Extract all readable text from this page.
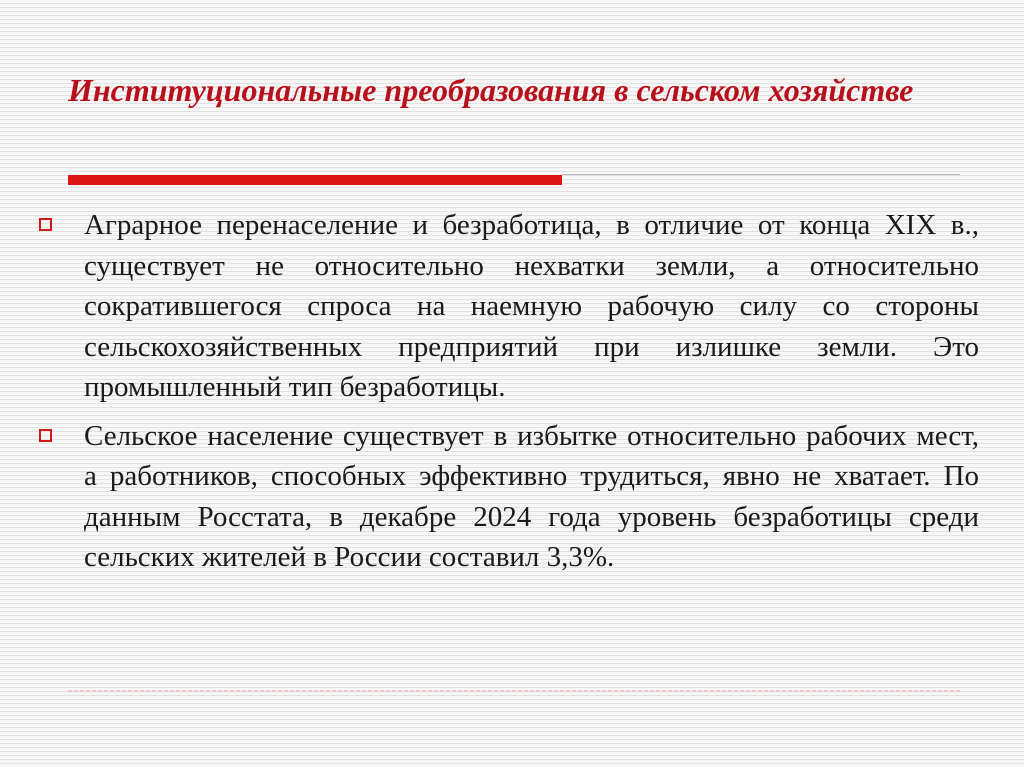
Институциональные преобразования в сельском хозяйстве
Аграрное перенаселение и безработица, в отличие от конца XIX в., существует не относительно нехватки земли, а относительно сократившегося спроса на наемную рабочую силу со стороны сельскохозяйственных предприятий при излишке земли. Это промышленный тип безработицы.
Сельское население существует в избытке относительно рабочих мест, а работников, способных эффективно трудиться, явно не хватает. По данным Росстата, в декабре 2024 года уровень безработицы среди сельских жителей в России составил 3,3%.
